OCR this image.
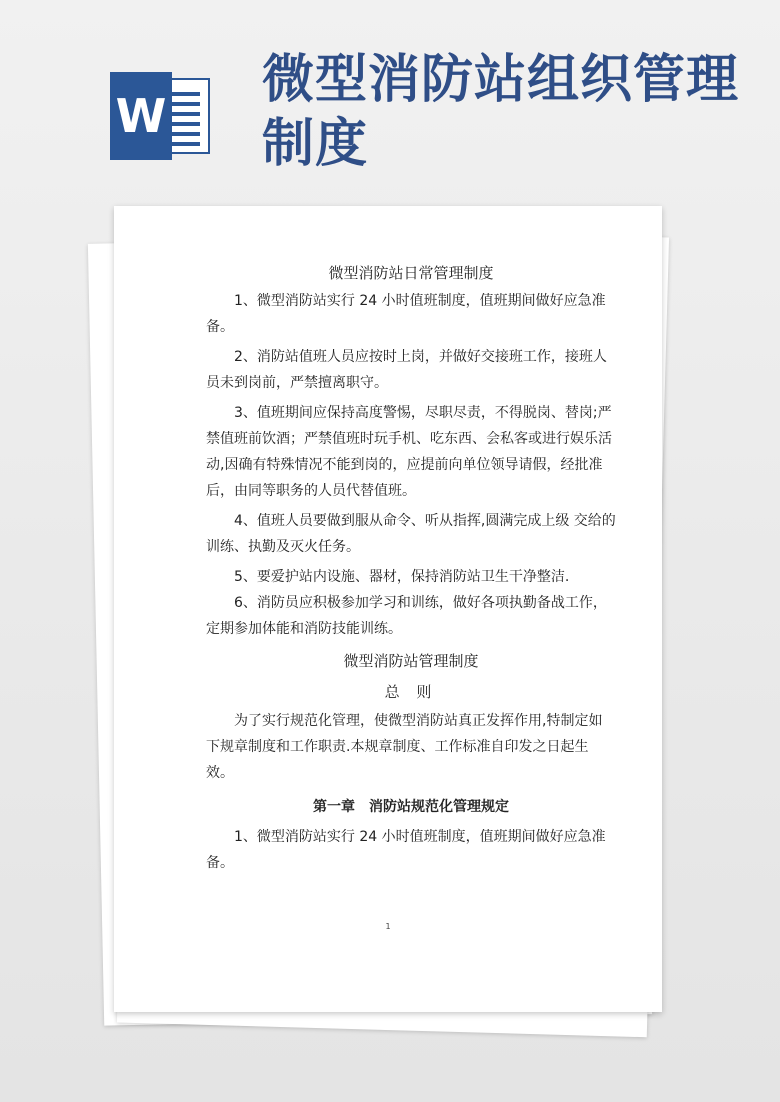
W
微型消防站组织管理制度

微型消防站日常管理制度

1、微型消防站实行 24 小时值班制度，值班期间做好应急准备。

2、消防站值班人员应按时上岗，并做好交接班工作，接班人员未到岗前，严禁擅离职守。

3、值班期间应保持高度警惕，尽职尽责，不得脱岗、替岗;严禁值班前饮酒；严禁值班时玩手机、吃东西、会私客或进行娱乐活动,因确有特殊情况不能到岗的，应提前向单位领导请假，经批准后，由同等职务的人员代替值班。

4、值班人员要做到服从命令、听从指挥,圆满完成上级 交给的训练、执勤及灭火任务。

5、要爱护站内设施、器材，保持消防站卫生干净整洁.

6、消防员应积极参加学习和训练，做好各项执勤备战工作，定期参加体能和消防技能训练。

微型消防站管理制度

总 则

为了实行规范化管理，使微型消防站真正发挥作用,特制定如下规章制度和工作职责.本规章制度、工作标准自印发之日起生效。

第一章　消防站规范化管理规定

1、微型消防站实行 24 小时值班制度，值班期间做好应急准备。

1
